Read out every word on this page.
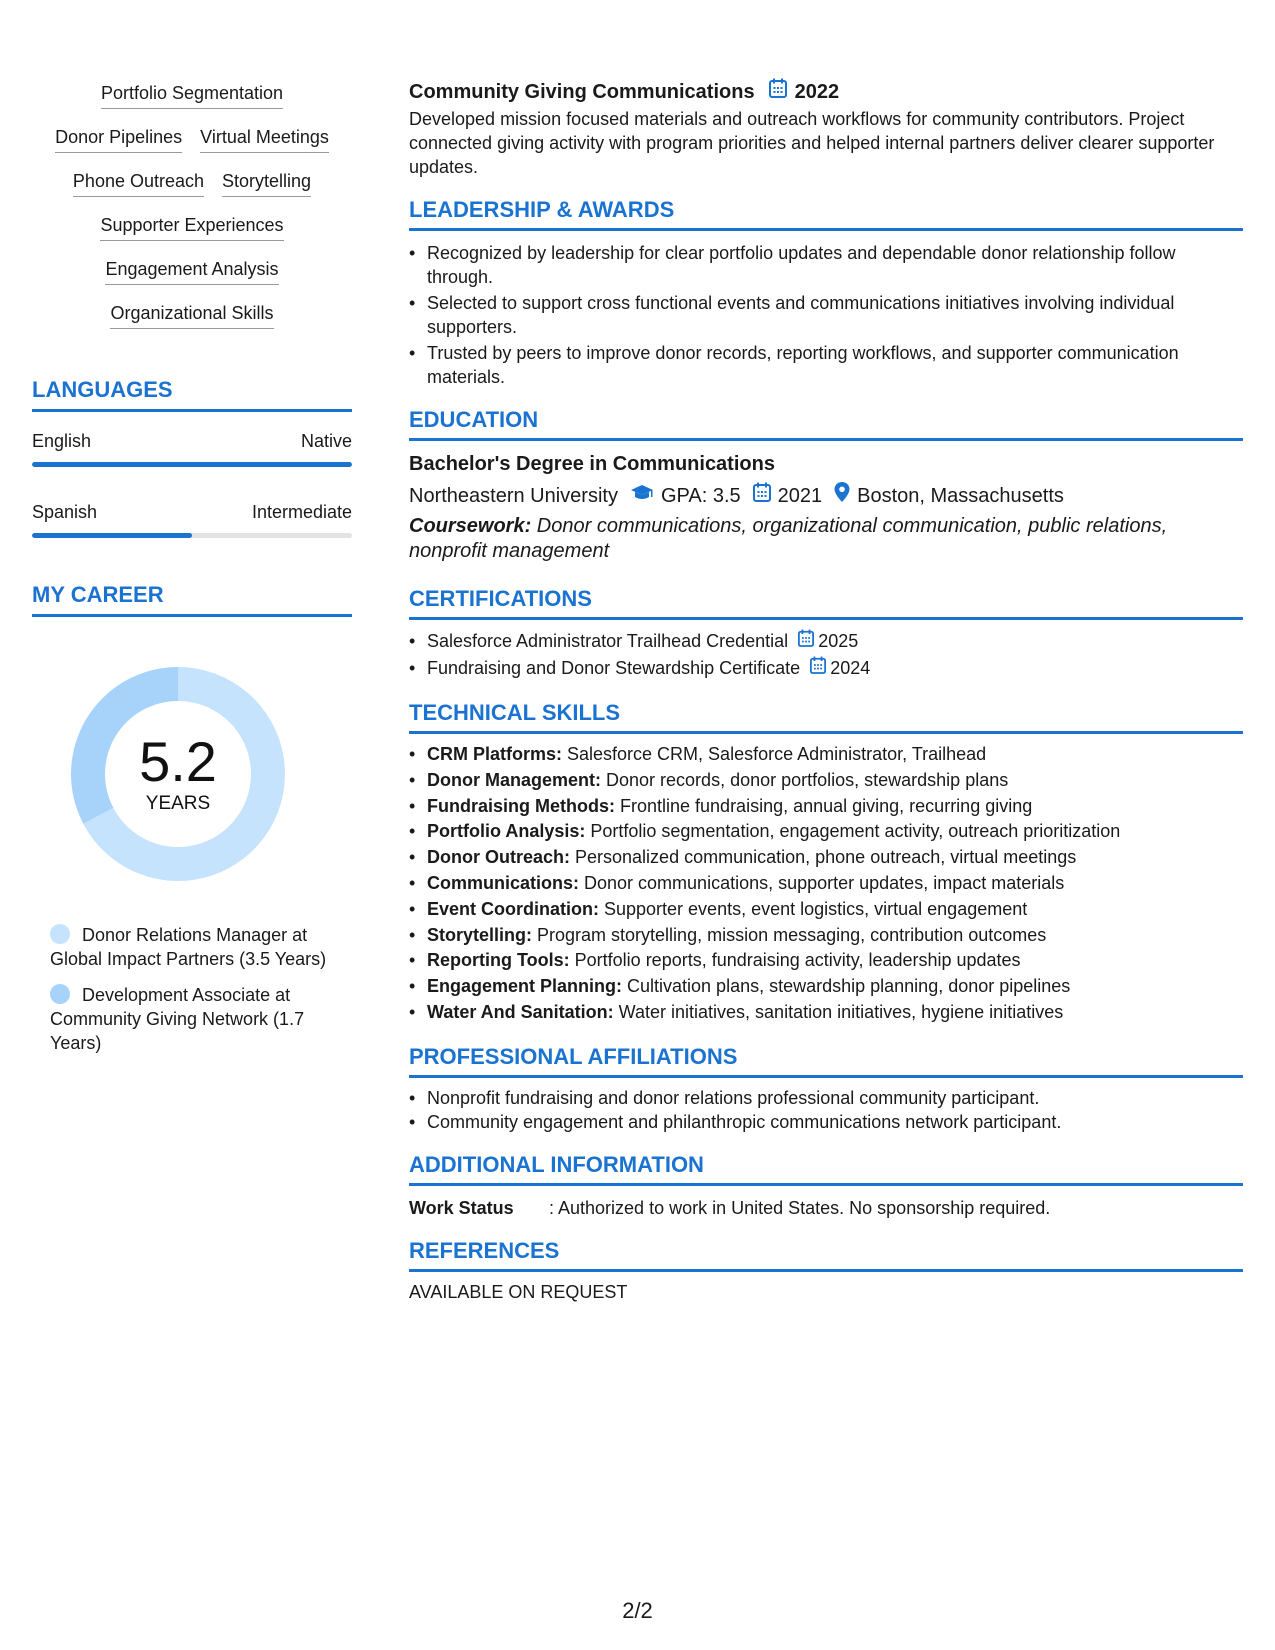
Portfolio Segmentation
Donor Pipelines Virtual Meetings
Phone Outreach Storytelling
Supporter Experiences
Engagement Analysis
Organizational Skills
LANGUAGES
English	Native
Spanish	Intermediate
MY CAREER
5.2
YEARS
Donor Relations Manager at Global Impact Partners (3.5 Years)
Development Associate at Community Giving Network (1.7 Years)
Community Giving Communications 2022

Developed mission focused materials and outreach workflows for community contributors. Project connected giving activity with program priorities and helped internal partners deliver clearer supporter updates.

LEADERSHIP & AWARDS
• Recognized by leadership for clear portfolio updates and dependable donor relationship follow through.
• Selected to support cross functional events and communications initiatives involving individual supporters.
• Trusted by peers to improve donor records, reporting workflows, and supporter communication materials.
EDUCATION
Bachelor's Degree in Communications
Northeastern University GPA: 3.5 2021 Boston, Massachusetts
Coursework: Donor communications, organizational communication, public relations, nonprofit management
CERTIFICATIONS
• Salesforce Administrator Trailhead Credential 2025
• Fundraising and Donor Stewardship Certificate 2024
TECHNICAL SKILLS
• CRM Platforms: Salesforce CRM, Salesforce Administrator, Trailhead
• Donor Management: Donor records, donor portfolios, stewardship plans
• Fundraising Methods: Frontline fundraising, annual giving, recurring giving
• Portfolio Analysis: Portfolio segmentation, engagement activity, outreach prioritization
• Donor Outreach: Personalized communication, phone outreach, virtual meetings
• Communications: Donor communications, supporter updates, impact materials
• Event Coordination: Supporter events, event logistics, virtual engagement
• Storytelling: Program storytelling, mission messaging, contribution outcomes
• Reporting Tools: Portfolio reports, fundraising activity, leadership updates
• Engagement Planning: Cultivation plans, stewardship planning, donor pipelines
• Water And Sanitation: Water initiatives, sanitation initiatives, hygiene initiatives
PROFESSIONAL AFFILIATIONS
• Nonprofit fundraising and donor relations professional community participant.
• Community engagement and philanthropic communications network participant.
ADDITIONAL INFORMATION
Work Status	: Authorized to work in United States. No sponsorship required.
REFERENCES
AVAILABLE ON REQUEST
2/2
